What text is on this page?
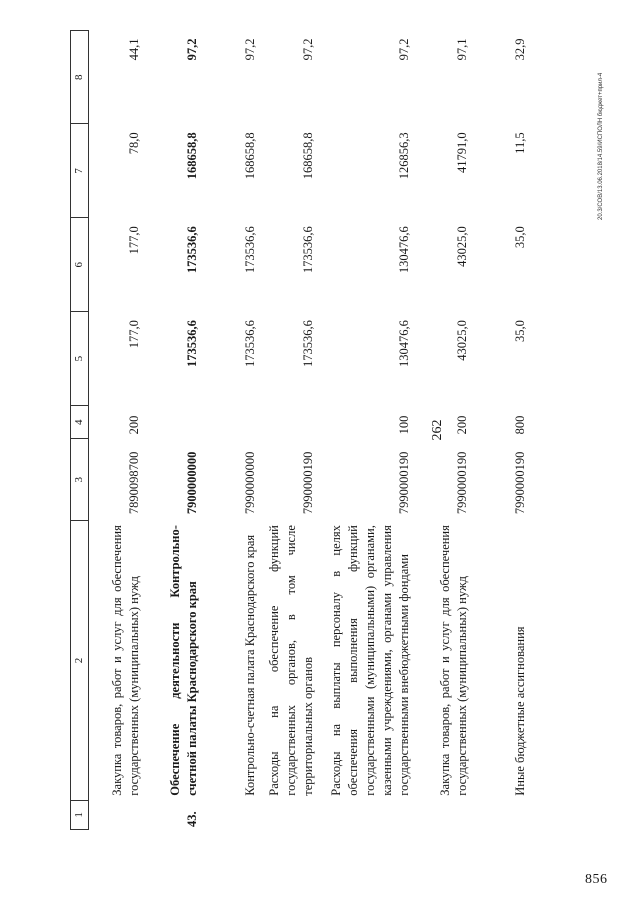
1	2	3	4	5	6	7	8
	Закупка товаров, работ и услуг для обеспечения государственных (муниципальных) нужд	7890098700	200	177,0	177,0	78,0	44,1
43.	Обеспечение деятельности Контрольно-счетной палаты Краснодарского края	7900000000		173536,6	173536,6	168658,8	97,2
	Контрольно-счетная палата Краснодарского края	7990000000		173536,6	173536,6	168658,8	97,2
	Расходы на обеспечение функций государственных органов, в том числе территориальных органов	7990000190		173536,6	173536,6	168658,8	97,2
	Расходы на выплаты персоналу в целях обеспечения выполнения функций государственными (муниципальными) органами, казенными учреждениями, органами управления государственными внебюджетными фондами	7990000190	100	130476,6	130476,6	126856,3	97,2
	Закупка товаров, работ и услуг для обеспечения государственных (муниципальных) нужд	7990000190	200	43025,0	43025,0	41791,0	97,1
	Иные бюджетные ассигнования	7990000190	800	35,0	35,0	11,5	32,9
262
20.3/СОВ/13.06.2018/14.59/ИСПОЛН бюджет+прил-4
856
